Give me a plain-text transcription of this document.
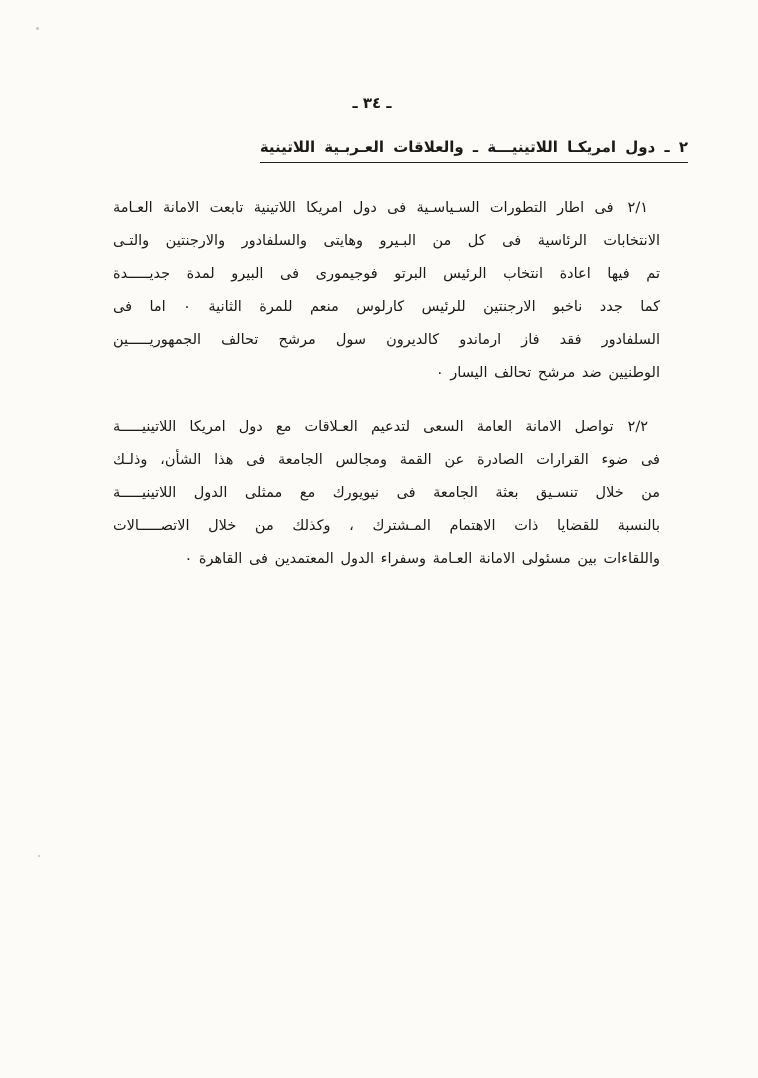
ـ ٣٤ ـ
٢ ـ دول امريكـا اللاتينيـــة ـ والعلاقات العـربـية اللاتينية
٢/١فى اطار التطورات السـياسـية فى دول امريكا اللاتينية تابعت الامانة العـامة
الانتخابات الرئاسية فى كل من البـيرو وهايتى والسلفادور والارجنتين والتـى
تم فيها اعادة انتخاب الرئيس البرتو فوجيمورى فى البيرو لمدة جديـــــدة
كما جدد ناخبو الارجنتين للرئيس كارلوس منعم للمرة الثانية ٠ اما فى
السلفادور فقد فاز ارماندو كالديرون سول مرشح تحالف الجمهوريـــــين
الوطنيين ضد مرشح تحالف اليسار ٠
٢/٢تواصل الامانة العامة السعى لتدعيم العـلاقات مع دول امريكا اللاتينيـــــة
فى ضوء القرارات الصادرة عن القمة ومجالس الجامعة فى هذا الشأن، وذلـك
من خلال تنسـيق بعثة الجامعة فى نيويورك مع ممثلى الدول اللاتينيـــــة
بالنسبة للقضايا ذات الاهتمام المـشترك ، وكذلك من خلال الاتصـــــالات
واللقاءات بين مسئولى الامانة العـامة وسفراء الدول المعتمدين فى القاهرة ٠
